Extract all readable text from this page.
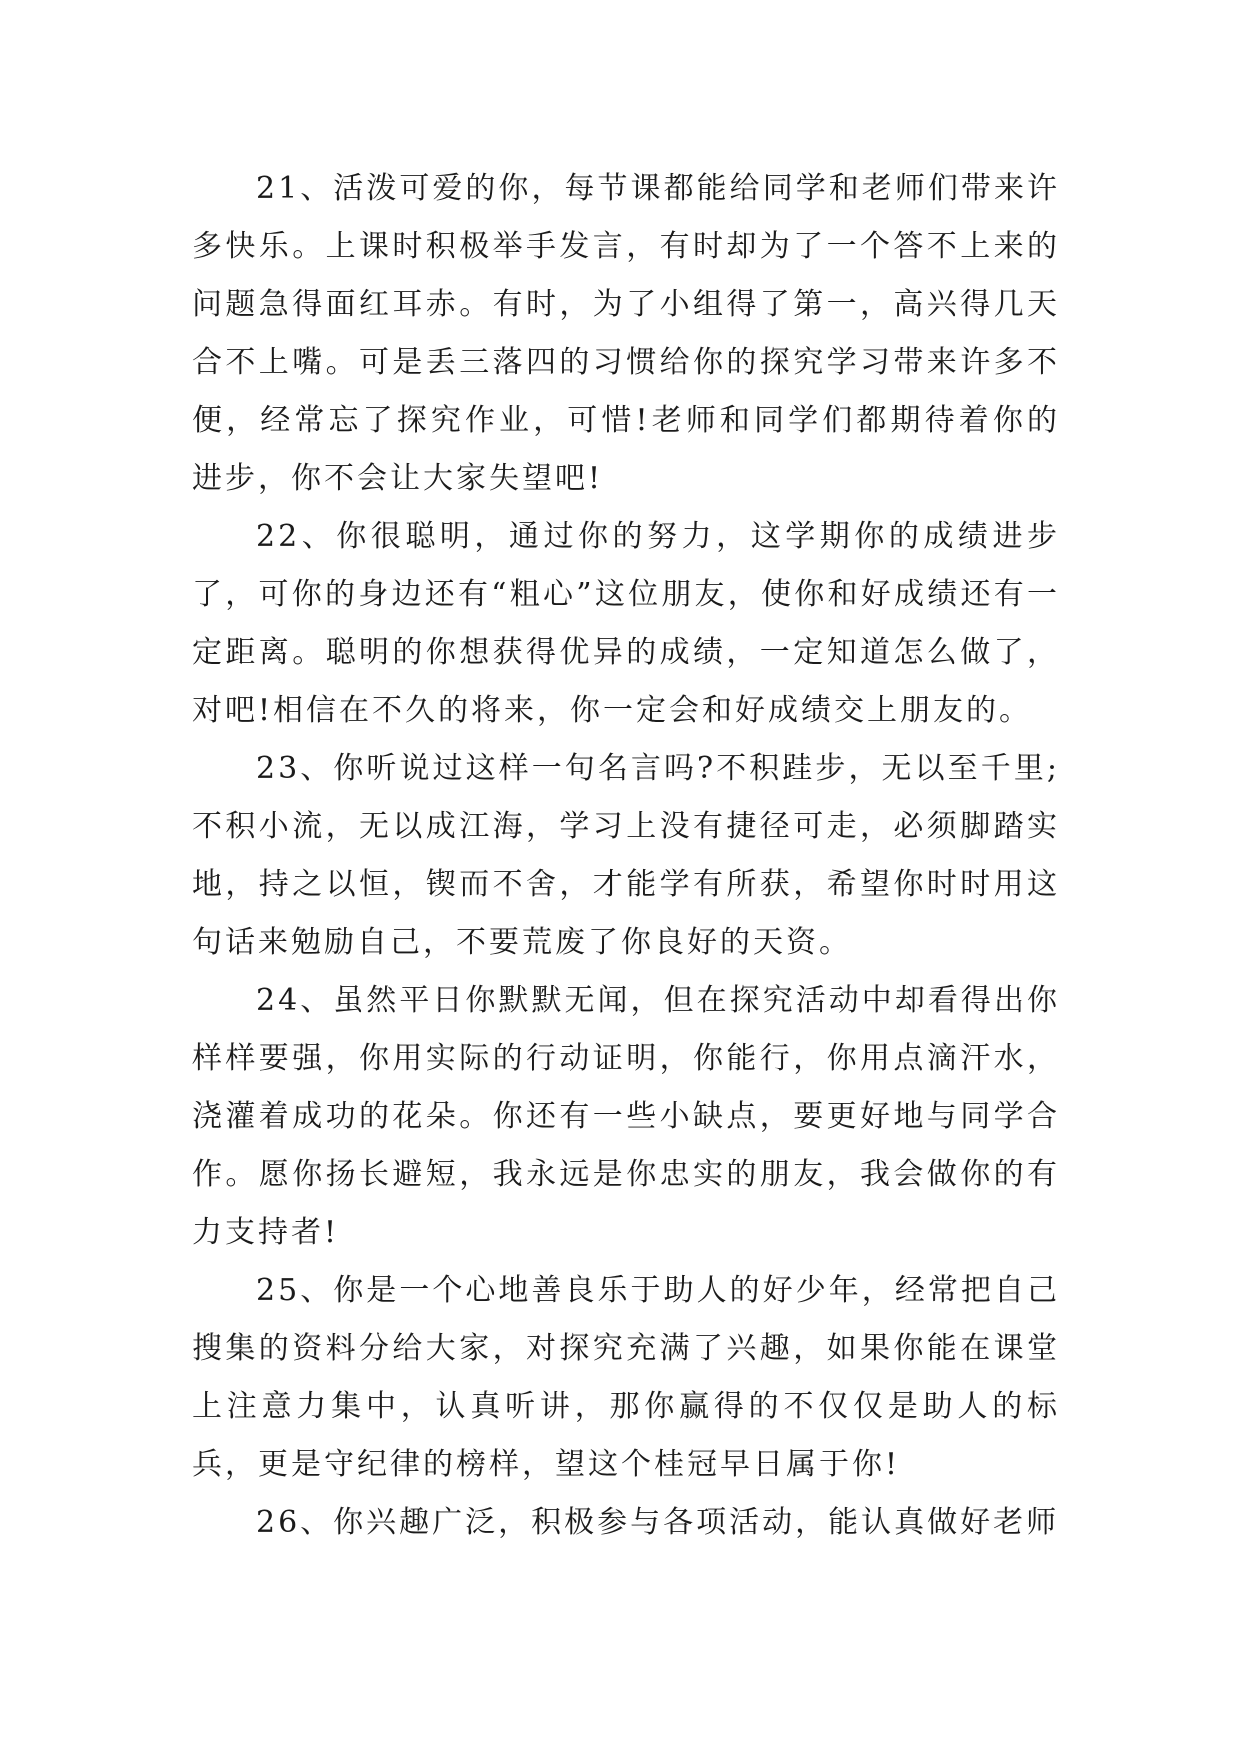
21、活泼可爱的你，每节课都能给同学和老师们带来许多快乐。上课时积极举手发言，有时却为了一个答不上来的问题急得面红耳赤。有时，为了小组得了第一，高兴得几天合不上嘴。可是丢三落四的习惯给你的探究学习带来许多不便，经常忘了探究作业，可惜!老师和同学们都期待着你的进步，你不会让大家失望吧!

22、你很聪明，通过你的努力，这学期你的成绩进步了，可你的身边还有“粗心”这位朋友，使你和好成绩还有一定距离。聪明的你想获得优异的成绩，一定知道怎么做了，对吧!相信在不久的将来，你一定会和好成绩交上朋友的。

23、你听说过这样一句名言吗?不积跬步，无以至千里;不积小流，无以成江海，学习上没有捷径可走，必须脚踏实地，持之以恒，锲而不舍，才能学有所获，希望你时时用这句话来勉励自己，不要荒废了你良好的天资。

24、虽然平日你默默无闻，但在探究活动中却看得出你样样要强，你用实际的行动证明，你能行，你用点滴汗水，浇灌着成功的花朵。你还有一些小缺点，要更好地与同学合作。愿你扬长避短，我永远是你忠实的朋友，我会做你的有力支持者!

25、你是一个心地善良乐于助人的好少年，经常把自己搜集的资料分给大家，对探究充满了兴趣，如果你能在课堂上注意力集中，认真听讲，那你赢得的不仅仅是助人的标兵，更是守纪律的榜样，望这个桂冠早日属于你!

26、你兴趣广泛，积极参与各项活动，能认真做好老师
